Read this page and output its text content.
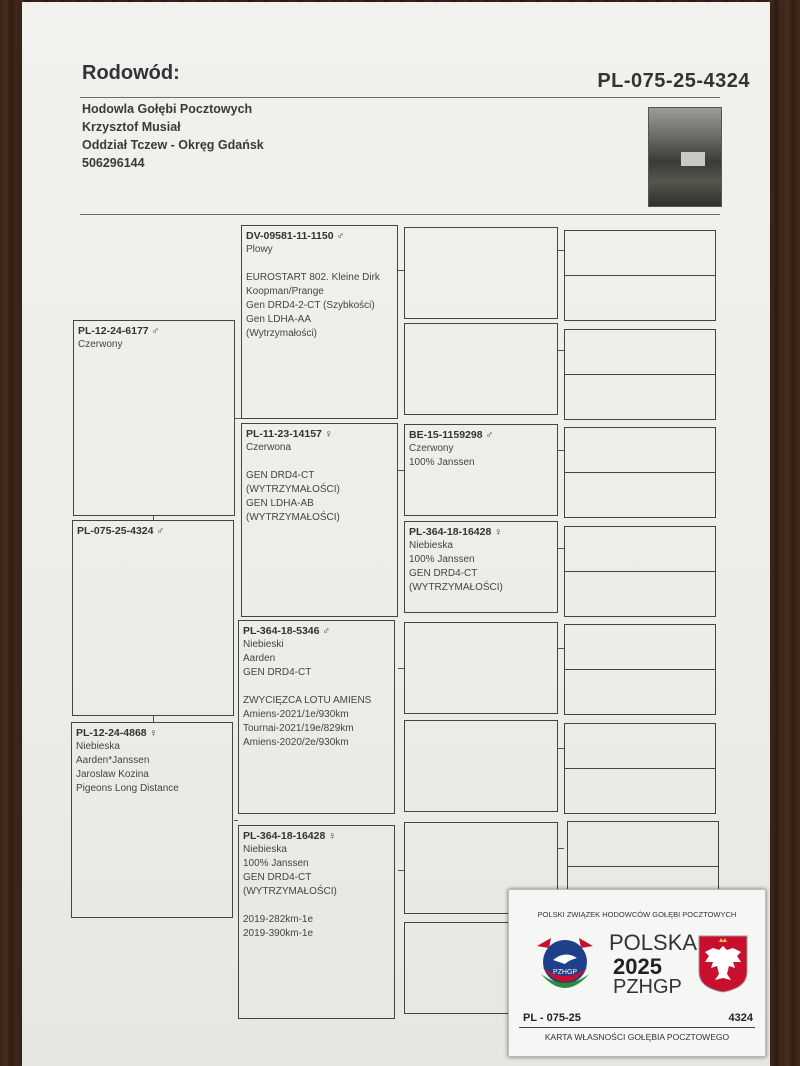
Rodowód:	PL-075-25-4324
Hodowla Gołębi Pocztowych
Krzysztof Musiał
Oddział Tczew - Okręg Gdańsk
506296144
PL-075-25-4324 ♂
PL-12-24-6177 ♂
Czerwony
PL-12-24-4868 ♀
Niebieska
Aarden*Janssen
Jaroslaw Kozina
Pigeons Long Distance
DV-09581-11-1150 ♂
Plowy

EUROSTART 802. Kleine Dirk
Koopman/Prange
Gen DRD4-2-CT (Szybkości)
Gen LDHA-AA
(Wytrzymałości)
PL-11-23-14157 ♀
Czerwona

GEN DRD4-CT
(WYTRZYMAŁOŚCI)
GEN LDHA-AB
(WYTRZYMAŁOŚCI)
PL-364-18-5346 ♂
Niebieski
Aarden
GEN DRD4-CT

ZWYCIĘZCA LOTU AMIENS
Amiens-2021/1e/930km
Tournai-2021/19e/829km
Amiens-2020/2e/930km
PL-364-18-16428 ♀
Niebieska
100% Janssen
GEN DRD4-CT
(WYTRZYMAŁOŚCI)

2019-282km-1e
2019-390km-1e
BE-15-1159298 ♂
Czerwony
100% Janssen
PL-364-18-16428 ♀
Niebieska
100% Janssen
GEN DRD4-CT
(WYTRZYMAŁOŚCI)
POLSKI ZWIĄZEK HODOWCÓW GOŁĘBI POCZTOWYCH
PZHGP
POLSKA
2025
PZHGP
PL - 075-25	4324
KARTA WŁASNOŚCI GOŁĘBIA POCZTOWEGO
